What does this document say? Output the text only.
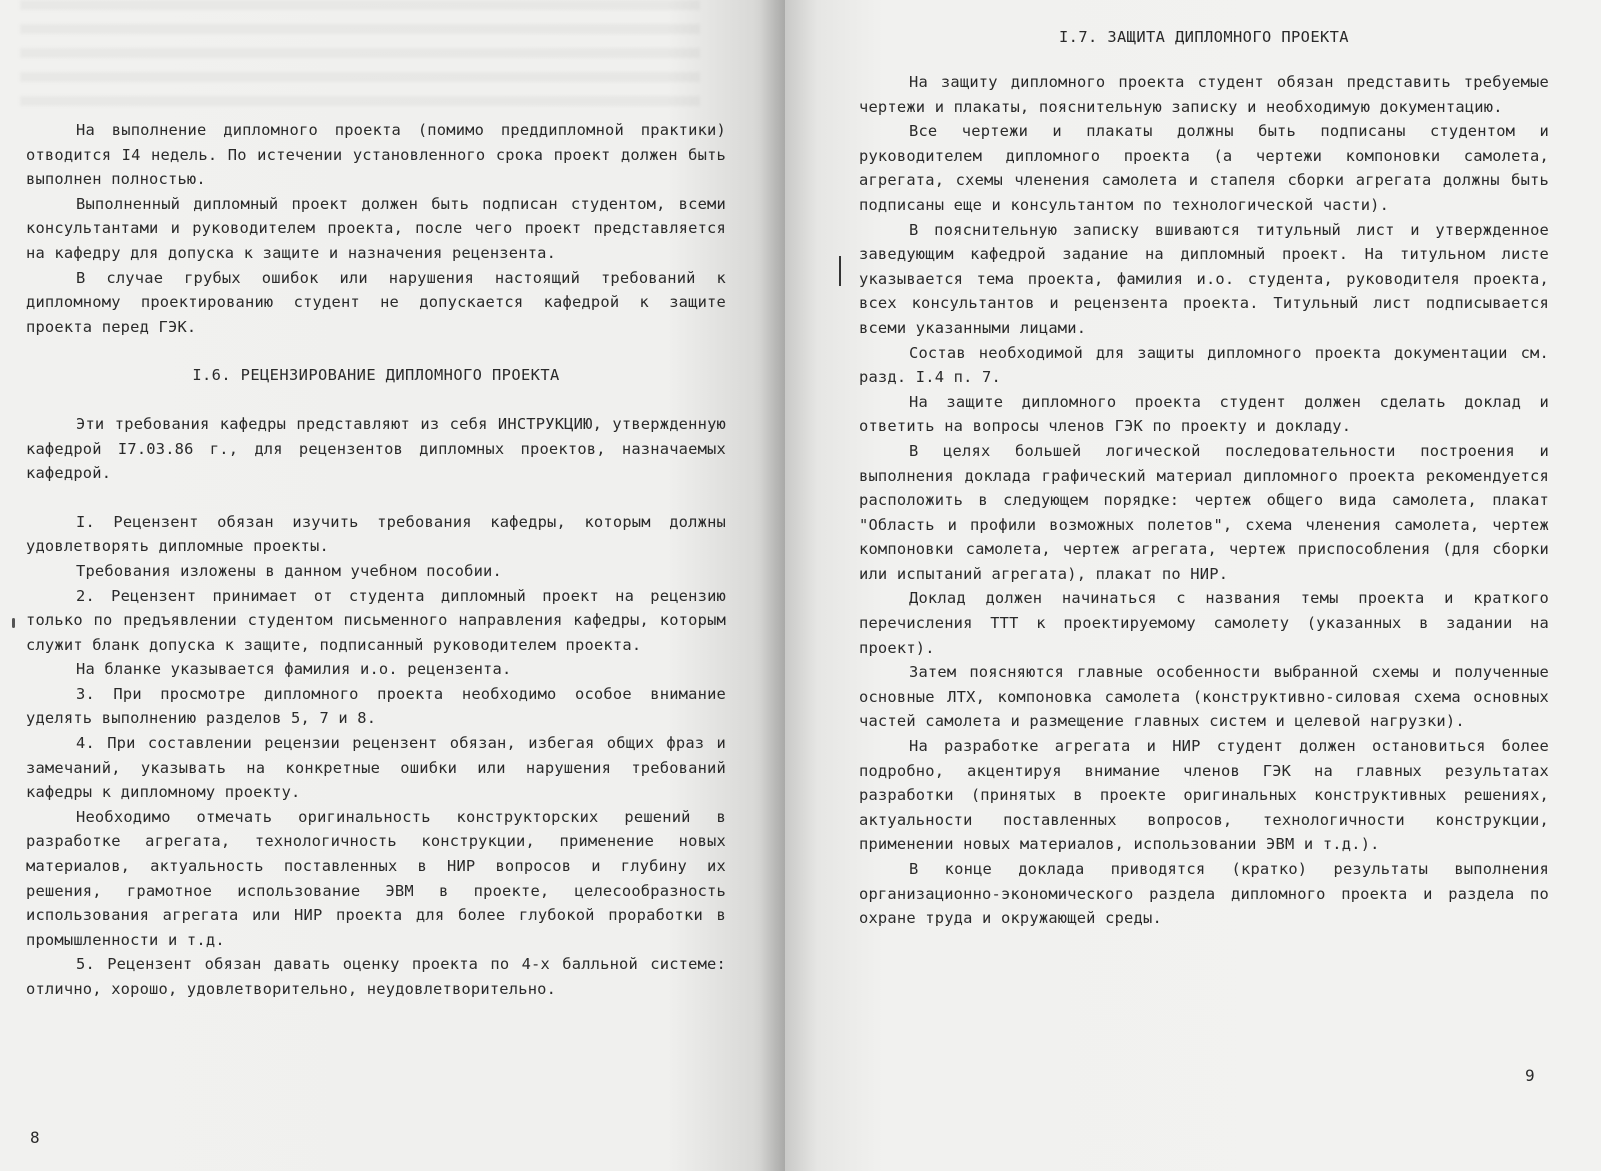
На выполнение дипломного проекта (помимо преддипломной практики) отводится I4 недель. По истечении установленного срока проект должен быть выполнен полностью.

Выполненный дипломный проект должен быть подписан студентом, всеми консультантами и руководителем проекта, после чего проект представляется на кафедру для допуска к защите и назначения рецензента.

В случае грубых ошибок или нарушения настоящий требований к дипломному проектированию студент не допускается кафедрой к защите проекта перед ГЭК.

I.6. РЕЦЕНЗИРОВАНИЕ ДИПЛОМНОГО ПРОЕКТА

Эти требования кафедры представляют из себя ИНСТРУКЦИЮ, утвержденную кафедрой I7.03.86 г., для рецензентов дипломных проектов, назначаемых кафедрой.

I. Рецензент обязан изучить требования кафедры, которым должны удовлетворять дипломные проекты.

Требования изложены в данном учебном пособии.

2. Рецензент принимает от студента дипломный проект на рецензию только по предъявлении студентом письменного направления кафедры, которым служит бланк допуска к защите, подписанный руководителем проекта.

На бланке указывается фамилия и.о. рецензента.

3. При просмотре дипломного проекта необходимо особое внимание уделять выполнению разделов 5, 7 и 8.

4. При составлении рецензии рецензент обязан, избегая общих фраз и замечаний, указывать на конкретные ошибки или нарушения требований кафедры к дипломному проекту.

Необходимо отмечать оригинальность конструкторских решений в разработке агрегата, технологичность конструкции, применение новых материалов, актуальность поставленных в НИР вопросов и глубину их решения, грамотное использование ЭВМ в проекте, целесообразность использования агрегата или НИР проекта для более глубокой проработки в промышленности и т.д.

5. Рецензент обязан давать оценку проекта по 4-х балльной системе: отлично, хорошо, удовлетворительно, неудовлетворительно.

8
I.7. ЗАЩИТА ДИПЛОМНОГО ПРОЕКТА

На защиту дипломного проекта студент обязан представить требуемые чертежи и плакаты, пояснительную записку и необходимую документацию.

Все чертежи и плакаты должны быть подписаны студентом и руководителем дипломного проекта (а чертежи компоновки самолета, агрегата, схемы членения самолета и стапеля сборки агрегата должны быть подписаны еще и консультантом по технологической части).

В пояснительную записку вшиваются титульный лист и утвержденное заведующим кафедрой задание на дипломный проект. На титульном листе указывается тема проекта, фамилия и.о. студента, руководителя проекта, всех консультантов и рецензента проекта. Титульный лист подписывается всеми указанными лицами.

Состав необходимой для защиты дипломного проекта документации см. разд. I.4 п. 7.

На защите дипломного проекта студент должен сделать доклад и ответить на вопросы членов ГЭК по проекту и докладу.

В целях большей логической последовательности построения и выполнения доклада графический материал дипломного проекта рекомендуется расположить в следующем порядке: чертеж общего вида самолета, плакат "Область и профили возможных полетов", схема членения самолета, чертеж компоновки самолета, чертеж агрегата, чертеж приспособления (для сборки или испытаний агрегата), плакат по НИР.

Доклад должен начинаться с названия темы проекта и краткого перечисления ТТТ к проектируемому самолету (указанных в задании на проект).

Затем поясняются главные особенности выбранной схемы и полученные основные ЛТХ, компоновка самолета (конструктивно-силовая схема основных частей самолета и размещение главных систем и целевой нагрузки).

На разработке агрегата и НИР студент должен остановиться более подробно, акцентируя внимание членов ГЭК на главных результатах разработки (принятых в проекте оригинальных конструктивных решениях, актуальности поставленных вопросов, технологичности конструкции, применении новых материалов, использовании ЭВМ и т.д.).

В конце доклада приводятся (кратко) результаты выполнения организационно-экономического раздела дипломного проекта и раздела по охране труда и окружающей среды.

9
